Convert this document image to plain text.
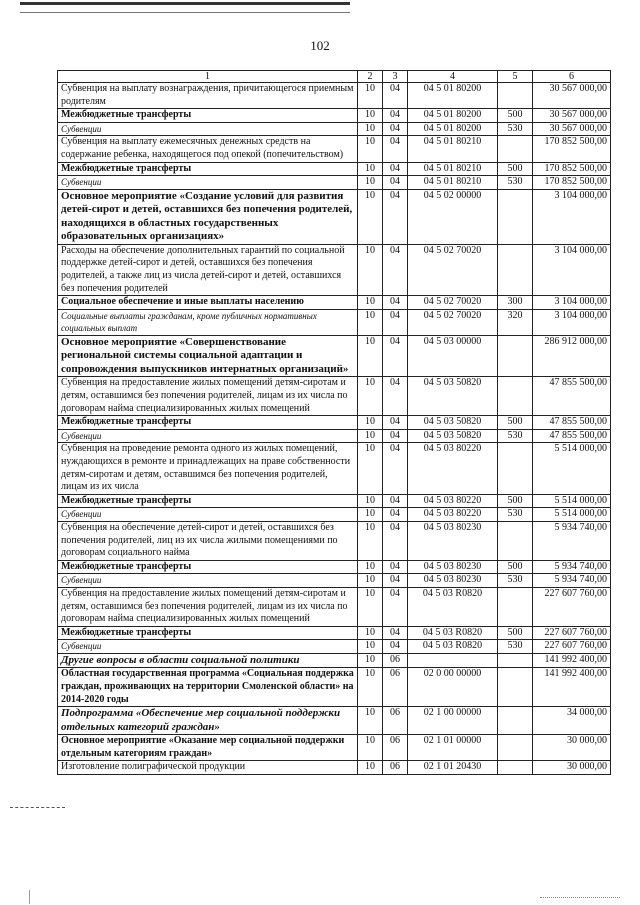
102
1	2	3	4	5	6
Субвенция на выплату вознаграждения, причитающегося приемным родителям	10	04	04 5 01 80200		30 567 000,00
Межбюджетные трансферты	10	04	04 5 01 80200	500	30 567 000,00
Субвенции	10	04	04 5 01 80200	530	30 567 000,00
Субвенция на выплату ежемесячных денежных средств на содержание ребенка, находящегося под опекой (попечительством)	10	04	04 5 01 80210		170 852 500,00
Межбюджетные трансферты	10	04	04 5 01 80210	500	170 852 500,00
Субвенции	10	04	04 5 01 80210	530	170 852 500,00
Основное мероприятие «Создание условий для развития детей-сирот и детей, оставшихся без попечения родителей, находящихся в областных государственных образовательных организациях»	10	04	04 5 02 00000		3 104 000,00
Расходы на обеспечение дополнительных гарантий по социальной поддержке детей-сирот и детей, оставшихся без попечения родителей, а также лиц из числа детей-сирот и детей, оставшихся без попечения родителей	10	04	04 5 02 70020		3 104 000,00
Социальное обеспечение и иные выплаты населению	10	04	04 5 02 70020	300	3 104 000,00
Социальные выплаты гражданам, кроме публичных нормативных социальных выплат	10	04	04 5 02 70020	320	3 104 000,00
Основное мероприятие «Совершенствование региональной системы социальной адаптации и сопровождения выпускников интернатных организаций»	10	04	04 5 03 00000		286 912 000,00
Субвенция на предоставление жилых помещений детям-сиротам и детям, оставшимся без попечения родителей, лицам из их числа по договорам найма специализированных жилых помещений	10	04	04 5 03 50820		47 855 500,00
Межбюджетные трансферты	10	04	04 5 03 50820	500	47 855 500,00
Субвенции	10	04	04 5 03 50820	530	47 855 500,00
Субвенция на проведение ремонта одного из жилых помещений, нуждающихся в ремонте и принадлежащих на праве собственности детям-сиротам и детям, оставшимся без попечения родителей, лицам из их числа	10	04	04 5 03 80220		5 514 000,00
Межбюджетные трансферты	10	04	04 5 03 80220	500	5 514 000,00
Субвенции	10	04	04 5 03 80220	530	5 514 000,00
Субвенция на обеспечение детей-сирот и детей, оставшихся без попечения родителей, лиц из их числа жилыми помещениями по договорам социального найма	10	04	04 5 03 80230		5 934 740,00
Межбюджетные трансферты	10	04	04 5 03 80230	500	5 934 740,00
Субвенции	10	04	04 5 03 80230	530	5 934 740,00
Субвенция на предоставление жилых помещений детям-сиротам и детям, оставшимся без попечения родителей, лицам из их числа по договорам найма специализированных жилых помещений	10	04	04 5 03 R0820		227 607 760,00
Межбюджетные трансферты	10	04	04 5 03 R0820	500	227 607 760,00
Субвенции	10	04	04 5 03 R0820	530	227 607 760,00
Другие вопросы в области социальной политики	10	06			141 992 400,00
Областная государственная программа «Социальная поддержка граждан, проживающих на территории Смоленской области» на 2014-2020 годы	10	06	02 0 00 00000		141 992 400,00
Подпрограмма «Обеспечение мер социальной поддержки отдельных категорий граждан»	10	06	02 1 00 00000		34 000,00
Основное мероприятие «Оказание мер социальной поддержки отдельным категориям граждан»	10	06	02 1 01 00000		30 000,00
Изготовление полиграфической продукции	10	06	02 1 01 20430		30 000,00
